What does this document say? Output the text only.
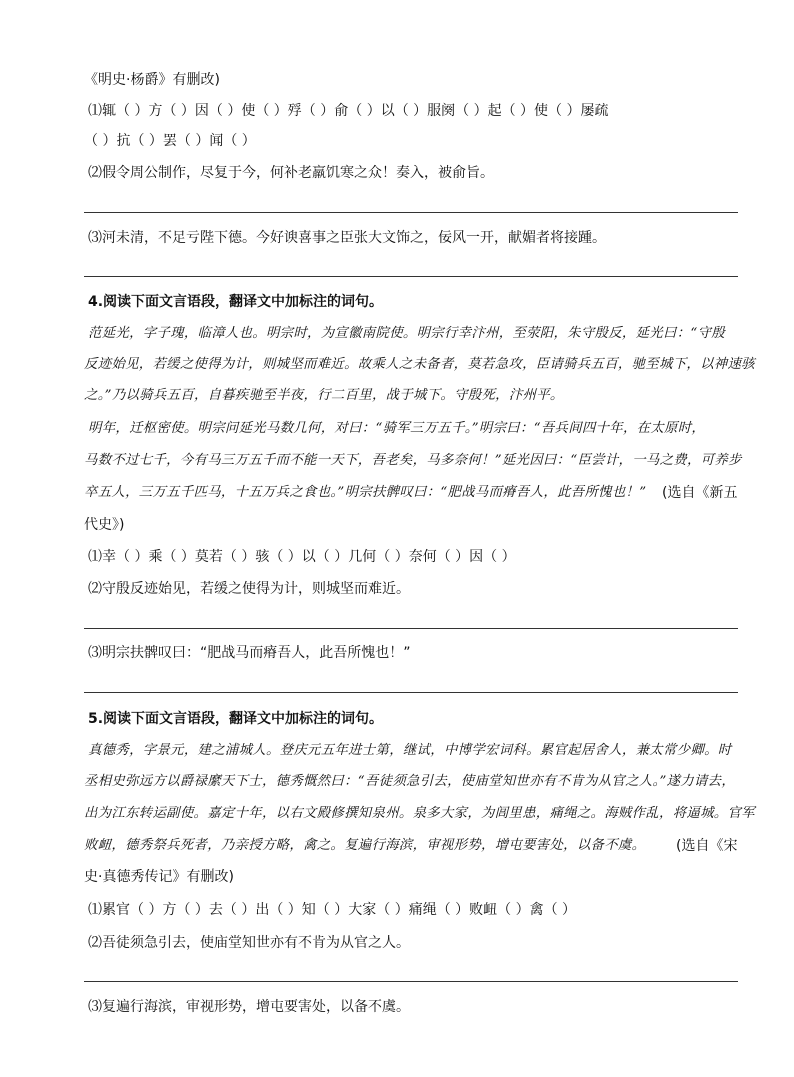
《明史·杨爵》有删改)
⑴辄（ ）方（ ）因（ ）使（ ）殍（ ）俞（ ）以（ ）服阕（ ）起（ ）使（ ）屡疏
（ ）抗（ ）罢（ ）闻（ ）
⑵假令周公制作，尽复于今，何补老羸饥寒之众！奏入，被俞旨。
⑶河未清，不足亏陛下德。今好谀喜事之臣张大文饰之，佞风一开，献媚者将接踵。
4.阅读下面文言语段，翻译文中加标注的词句。
范延光，字子瑰，临漳人也。明宗时，为宣徽南院使。明宗行幸汴州，至荥阳，朱守殷反，延光曰：“守殷
反迹始见，若缓之使得为计，则城坚而难近。故乘人之未备者，莫若急攻，臣请骑兵五百，驰至城下，以神速骇
之。”乃以骑兵五百，自暮疾驰至半夜，行二百里，战于城下。守殷死，汴州平。
明年，迁枢密使。明宗问延光马数几何，对曰：“骑军三万五千。”明宗曰：“吾兵间四十年，在太原时，
马数不过七千，今有马三万五千而不能一天下，吾老矣，马多奈何！”延光因曰：“臣尝计，一马之费，可养步
卒五人，三万五千匹马，十五万兵之食也。”明宗扶髀叹曰：“肥战马而瘠吾人，此吾所愧也！” (选自《新五
代史》)
⑴幸（ ）乘（ ）莫若（ ）骇（ ）以（ ）几何（ ）奈何（ ）因（ ）
⑵守殷反迹始见，若缓之使得为计，则城坚而难近。
⑶明宗扶髀叹曰：“肥战马而瘠吾人，此吾所愧也！”
5.阅读下面文言语段，翻译文中加标注的词句。
真德秀，字景元，建之浦城人。登庆元五年进士第，继试，中博学宏词科。累官起居舍人，兼太常少卿。时
丞相史弥远方以爵禄縻天下士，德秀慨然曰：“吾徒须急引去，使庙堂知世亦有不肯为从官之人。”遂力请去，
出为江东转运副使。嘉定十年，以右文殿修撰知泉州。泉多大家，为闾里患，痛绳之。海贼作乱，将逼城。官军
败衄，德秀祭兵死者，乃亲授方略，禽之。复遍行海滨，审视形势，增屯要害处，以备不虞。 (选自《宋
史·真德秀传记》有删改)
⑴累官（ ）方（ ）去（ ）出（ ）知（ ）大家（ ）痛绳（ ）败衄（ ）禽（ ）
⑵吾徒须急引去，使庙堂知世亦有不肯为从官之人。
⑶复遍行海滨，审视形势，增屯要害处，以备不虞。
